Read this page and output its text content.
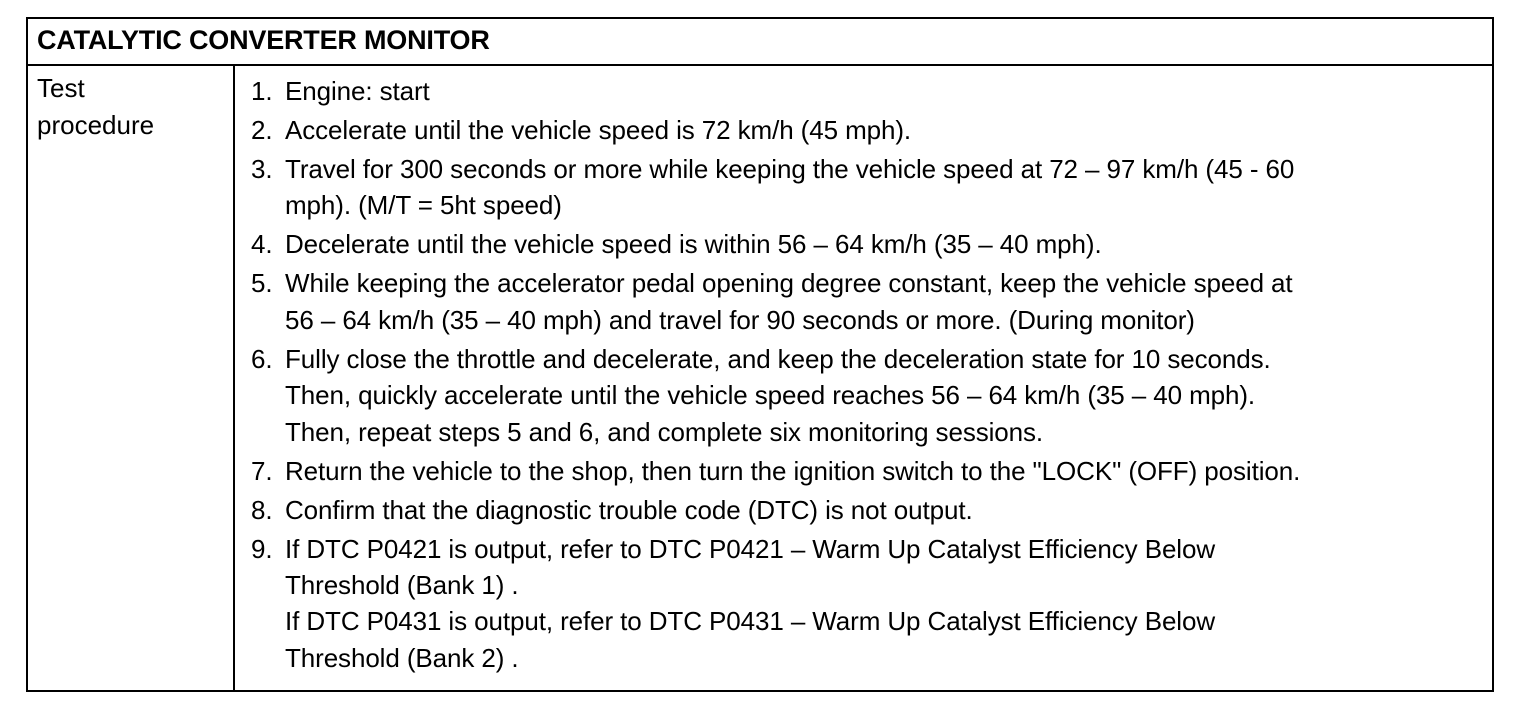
CATALYTIC CONVERTER MONITOR
Test
procedure
1. Engine: start
2. Accelerate until the vehicle speed is 72 km/h (45 mph).
3. Travel for 300 seconds or more while keeping the vehicle speed at 72 – 97 km/h (45 - 60
mph). (M/T = 5ht speed)
4. Decelerate until the vehicle speed is within 56 – 64 km/h (35 – 40 mph).
5. While keeping the accelerator pedal opening degree constant, keep the vehicle speed at
56 – 64 km/h (35 – 40 mph) and travel for 90 seconds or more. (During monitor)
6. Fully close the throttle and decelerate, and keep the deceleration state for 10 seconds.
Then, quickly accelerate until the vehicle speed reaches 56 – 64 km/h (35 – 40 mph).
Then, repeat steps 5 and 6, and complete six monitoring sessions.
7. Return the vehicle to the shop, then turn the ignition switch to the "LOCK" (OFF) position.
8. Confirm that the diagnostic trouble code (DTC) is not output.
9. If DTC P0421 is output, refer to DTC P0421 – Warm Up Catalyst Efficiency Below
Threshold (Bank 1) .
If DTC P0431 is output, refer to DTC P0431 – Warm Up Catalyst Efficiency Below
Threshold (Bank 2) .
